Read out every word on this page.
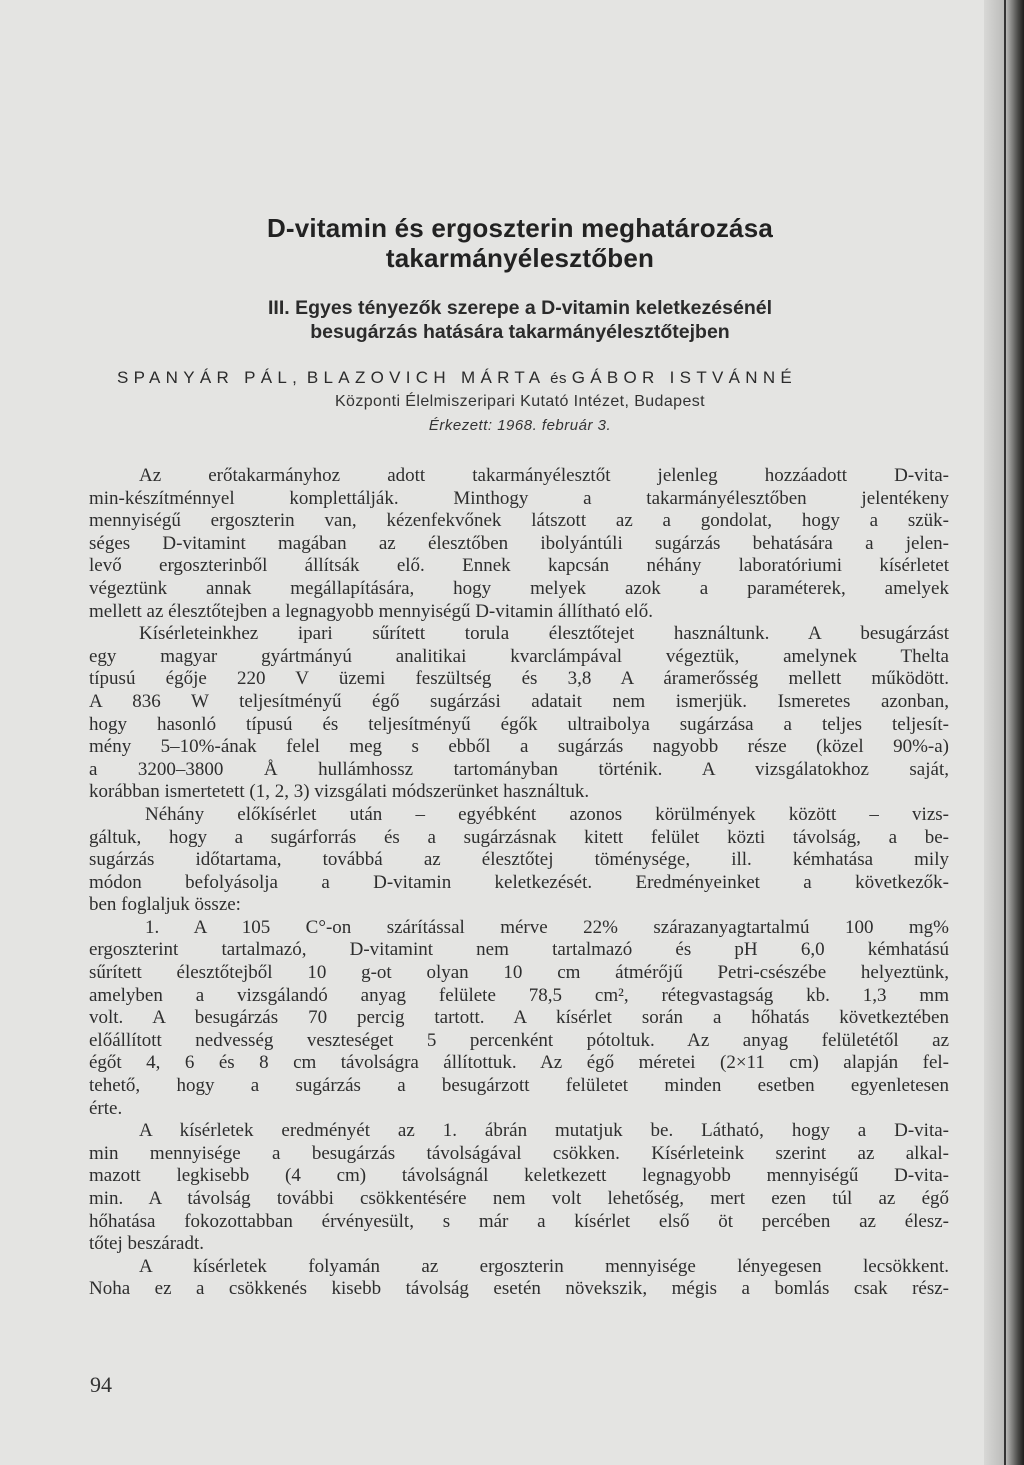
D-vitamin és ergoszterin meghatározása
takarmányélesztőben
III. Egyes tényezők szerepe a D-vitamin keletkezésénél
besugárzás hatására takarmányélesztőtejben
SPANYÁR PÁL, BLAZOVICH MÁRTA és GÁBOR ISTVÁNNÉ
Központi Élelmiszeripari Kutató Intézet, Budapest
Érkezett: 1968. február 3.
Az erőtakarmányhoz adott takarmányélesztőt jelenleg hozzáadott D-vita-
min-készítménnyel komplettálják. Minthogy a takarmányélesztőben jelentékeny
mennyiségű ergoszterin van, kézenfekvőnek látszott az a gondolat, hogy a szük-
séges D-vitamint magában az élesztőben ibolyántúli sugárzás behatására a jelen-
levő ergoszterinből állítsák elő. Ennek kapcsán néhány laboratóriumi kísérletet
végeztünk annak megállapítására, hogy melyek azok a paraméterek, amelyek
mellett az élesztőtejben a legnagyobb mennyiségű D-vitamin állítható elő.
Kísérleteinkhez ipari sűrített torula élesztőtejet használtunk. A besugárzást
egy magyar gyártmányú analitikai kvarclámpával végeztük, amelynek Thelta
típusú égője 220 V üzemi feszültség és 3,8 A áramerősség mellett működött.
A 836 W teljesítményű égő sugárzási adatait nem ismerjük. Ismeretes azonban,
hogy hasonló típusú és teljesítményű égők ultraibolya sugárzása a teljes teljesít-
mény 5–10%-ának felel meg s ebből a sugárzás nagyobb része (közel 90%-a)
a 3200–3800 Å hullámhossz tartományban történik. A vizsgálatokhoz saját,
korábban ismertetett (1, 2, 3) vizsgálati módszerünket használtuk.
Néhány előkísérlet után – egyébként azonos körülmények között – vizs-
gáltuk, hogy a sugárforrás és a sugárzásnak kitett felület közti távolság, a be-
sugárzás időtartama, továbbá az élesztőtej töménysége, ill. kémhatása mily
módon befolyásolja a D-vitamin keletkezését. Eredményeinket a következők-
ben foglaljuk össze:
1. A 105 C°-on szárítással mérve 22% szárazanyagtartalmú 100 mg%
ergoszterint tartalmazó, D-vitamint nem tartalmazó és pH 6,0 kémhatású
sűrített élesztőtejből 10 g-ot olyan 10 cm átmérőjű Petri-csészébe helyeztünk,
amelyben a vizsgálandó anyag felülete 78,5 cm², rétegvastagság kb. 1,3 mm
volt. A besugárzás 70 percig tartott. A kísérlet során a hőhatás következtében
előállított nedvesség veszteséget 5 percenként pótoltuk. Az anyag felületétől az
égőt 4, 6 és 8 cm távolságra állítottuk. Az égő méretei (2×11 cm) alapján fel-
tehető, hogy a sugárzás a besugárzott felületet minden esetben egyenletesen
érte.
A kísérletek eredményét az 1. ábrán mutatjuk be. Látható, hogy a D-vita-
min mennyisége a besugárzás távolságával csökken. Kísérleteink szerint az alkal-
mazott legkisebb (4 cm) távolságnál keletkezett legnagyobb mennyiségű D-vita-
min. A távolság további csökkentésére nem volt lehetőség, mert ezen túl az égő
hőhatása fokozottabban érvényesült, s már a kísérlet első öt percében az élesz-
tőtej beszáradt.
A kísérletek folyamán az ergoszterin mennyisége lényegesen lecsökkent.
Noha ez a csökkenés kisebb távolság esetén növekszik, mégis a bomlás csak rész-
94
